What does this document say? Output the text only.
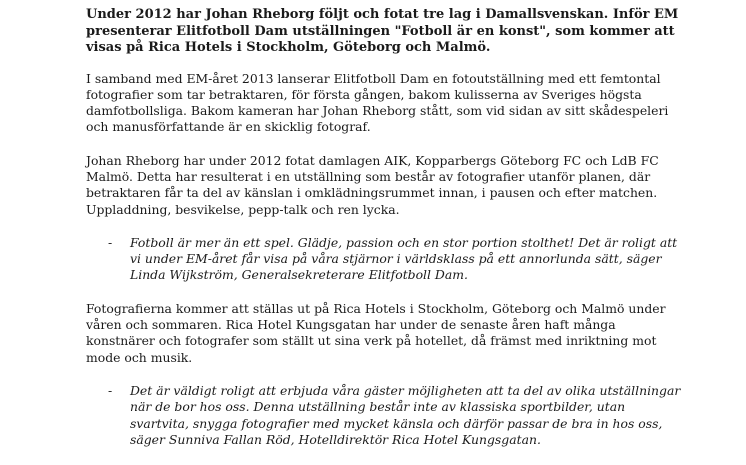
Under 2012 har Johan Rheborg följt och fotat tre lag i Damallsvenskan. Inför EM presenterar Elitfotboll Dam utställningen "Fotboll är en konst", som kommer att visas på Rica Hotels i Stockholm, Göteborg och Malmö.

I samband med EM-året 2013 lanserar Elitfotboll Dam en fotoutställning med ett femtontal fotografier som tar betraktaren, för första gången, bakom kulisserna av Sveriges högsta damfotbollsliga. Bakom kameran har Johan Rheborg stått, som vid sidan av sitt skådespeleri och manusförfattande är en skicklig fotograf.

Johan Rheborg har under 2012 fotat damlagen AIK, Kopparbergs Göteborg FC och LdB FC Malmö. Detta har resulterat i en utställning som består av fotografier utanför planen, där betraktaren får ta del av känslan i omklädningsrummet innan, i pausen och efter matchen. Uppladdning, besvikelse, pepp-talk och ren lycka.

- Fotboll är mer än ett spel. Glädje, passion och en stor portion stolthet! Det är roligt att vi under EM-året får visa på våra stjärnor i världsklass på ett annorlunda sätt, säger Linda Wijkström, Generalsekreterare Elitfotboll Dam.

Fotografierna kommer att ställas ut på Rica Hotels i Stockholm, Göteborg och Malmö under våren och sommaren. Rica Hotel Kungsgatan har under de senaste åren haft många konstnärer och fotografer som ställt ut sina verk på hotellet, då främst med inriktning mot mode och musik.

- Det är väldigt roligt att erbjuda våra gäster möjligheten att ta del av olika utställningar när de bor hos oss. Denna utställning består inte av klassiska sportbilder, utan svartvita, snygga fotografier med mycket känsla och därför passar de bra in hos oss, säger Sunniva Fallan Röd, Hotelldirektör Rica Hotel Kungsgatan.
